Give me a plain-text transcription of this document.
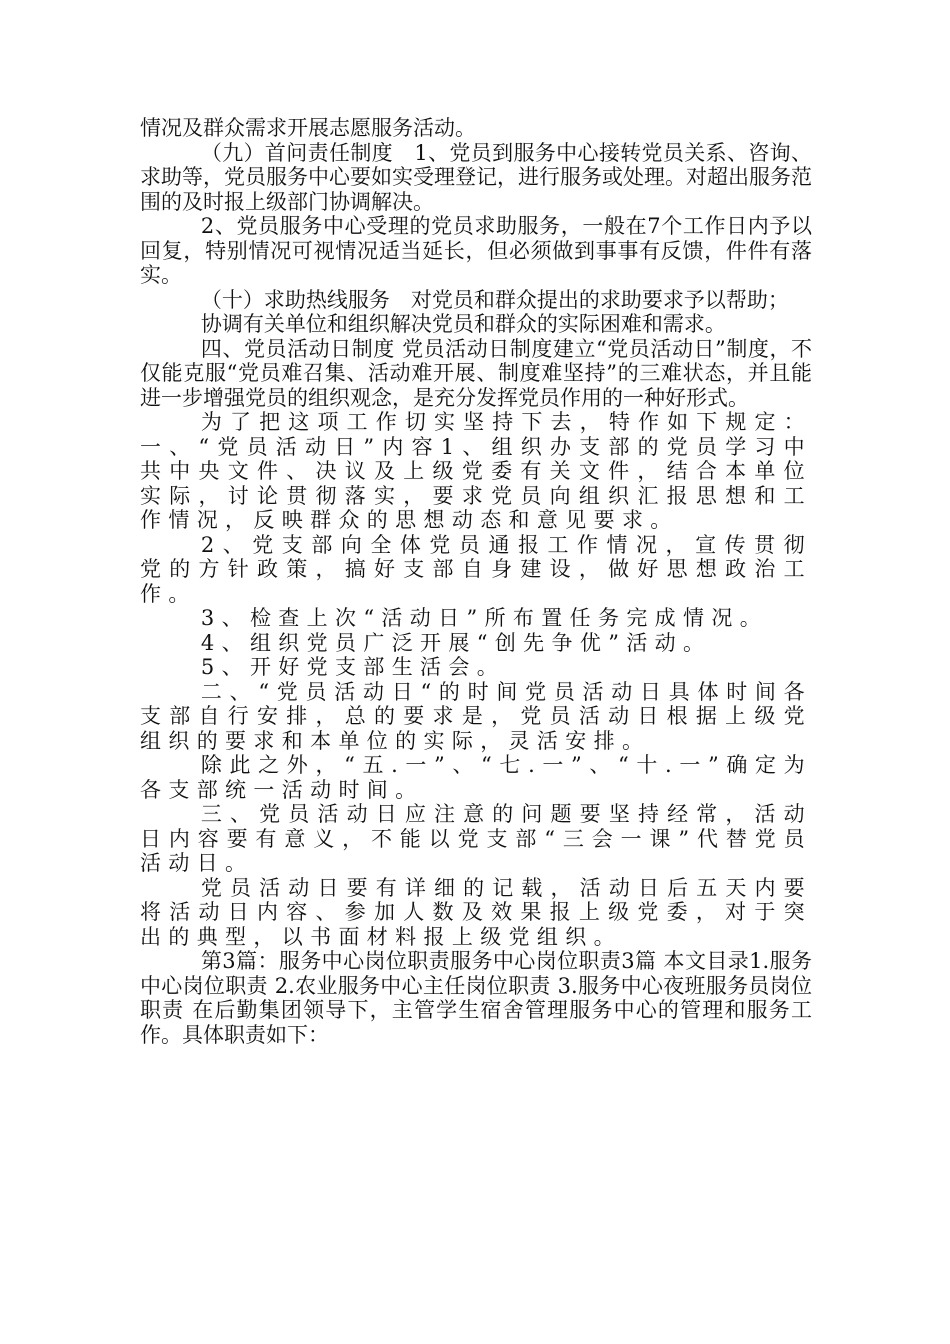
情况及群众需求开展志愿服务活动。

（九）首问责任制度　1、党员到服务中心接转党员关系、咨询、求助等，党员服务中心要如实受理登记，进行服务或处理。对超出服务范围的及时报上级部门协调解决。

2、党员服务中心受理的党员求助服务，一般在7个工作日内予以回复，特别情况可视情况适当延长，但必须做到事事有反馈，件件有落实。

（十）求助热线服务　对党员和群众提出的求助要求予以帮助；

协调有关单位和组织解决党员和群众的实际困难和需求。

四、党员活动日制度 党员活动日制度建立“党员活动日”制度，不仅能克服“党员难召集、活动难开展、制度难坚持”的三难状态，并且能进一步增强党员的组织观念，是充分发挥党员作用的一种好形式。

为了把这项工作切实坚持下去，特作如下规定：一、“党员活动日”内容1、组织办支部的党员学习中共中央文件、决议及上级党委有关文件，结合本单位实际，讨论贯彻落实，要求党员向组织汇报思想和工作情况，反映群众的思想动态和意见要求。

2、党支部向全体党员通报工作情况，宣传贯彻党的方针政策，搞好支部自身建设，做好思想政治工作。

3、检查上次“活动日”所布置任务完成情况。

4、组织党员广泛开展“创先争优”活动。

5、开好党支部生活会。

二、“党员活动日“的时间党员活动日具体时间各支部自行安排，总的要求是，党员活动日根据上级党组织的要求和本单位的实际，灵活安排。

除此之外，“五.一”、“七.一”、“十.一”确定为各支部统一活动时间。

三、党员活动日应注意的问题要坚持经常，活动日内容要有意义，不能以党支部“三会一课”代替党员活动日。

党员活动日要有详细的记载，活动日后五天内要将活动日内容、参加人数及效果报上级党委，对于突出的典型，以书面材料报上级党组织。

第3篇：服务中心岗位职责服务中心岗位职责3篇 本文目录1.服务中心岗位职责 2.农业服务中心主任岗位职责 3.服务中心夜班服务员岗位职责 在后勤集团领导下，主管学生宿舍管理服务中心的管理和服务工作。具体职责如下：
